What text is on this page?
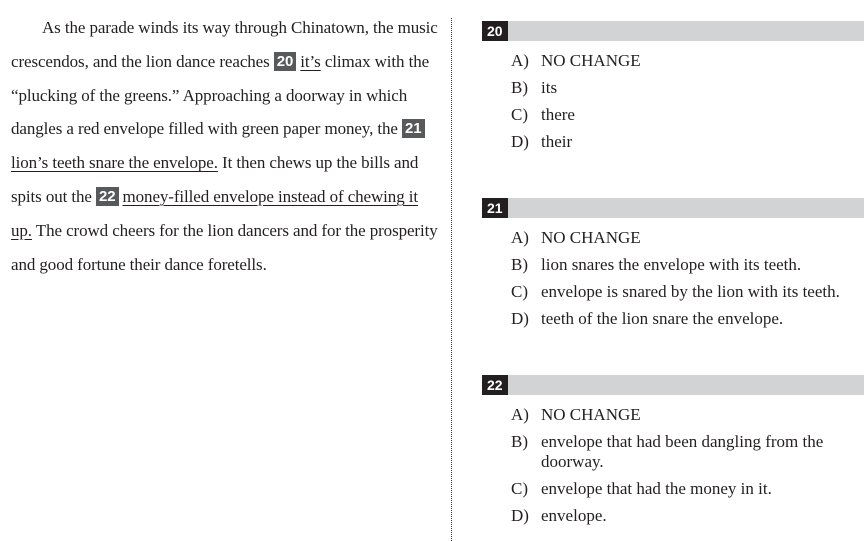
As the parade winds its way through Chinatown, the music crescendos, and the lion dance reaches 20 it’s climax with the “plucking of the greens.” Approaching a doorway in which dangles a red envelope filled with green paper money, the 21lion’s teeth snare the envelope. It then chews up the bills and spits out the 22 money-filled envelope instead of chewing it up. The crowd cheers for the lion dancers and for the prosperity and good fortune their dance foretells.

20
A) NO CHANGE
B) its
C) there
D) their
21
A) NO CHANGE
B) lion snares the envelope with its teeth.
C) envelope is snared by the lion with its teeth.
D) teeth of the lion snare the envelope.
22
A) NO CHANGE
B) envelope that had been dangling from the doorway.
C) envelope that had the money in it.
D) envelope.
